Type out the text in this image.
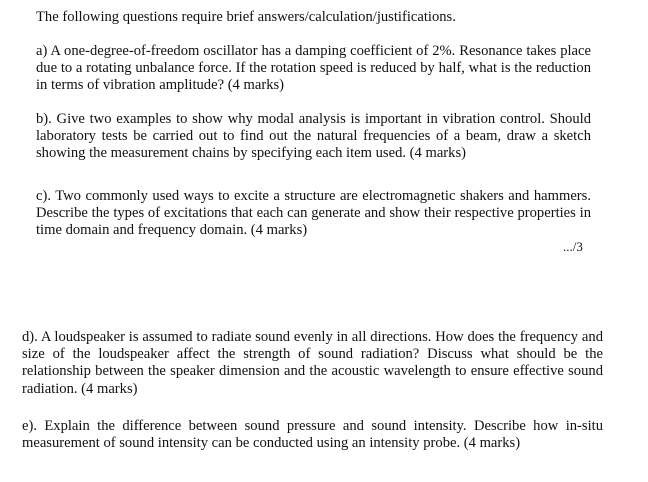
The following questions require brief answers/calculation/justifications.

a) A one-degree-of-freedom oscillator has a damping coefficient of 2%. Resonance takes place due to a rotating unbalance force. If the rotation speed is reduced by half, what is the reduction in terms of vibration amplitude? (4 marks)

b). Give two examples to show why modal analysis is important in vibration control. Should laboratory tests be carried out to find out the natural frequencies of a beam, draw a sketch showing the measurement chains by specifying each item used. (4 marks)

c). Two commonly used ways to excite a structure are electromagnetic shakers and hammers. Describe the types of excitations that each can generate and show their respective properties in time domain and frequency domain. (4 marks)

.../3

d). A loudspeaker is assumed to radiate sound evenly in all directions. How does the frequency and size of the loudspeaker affect the strength of sound radiation? Discuss what should be the relationship between the speaker dimension and the acoustic wavelength to ensure effective sound radiation. (4 marks)

e). Explain the difference between sound pressure and sound intensity. Describe how in-situ measurement of sound intensity can be conducted using an intensity probe. (4 marks)
